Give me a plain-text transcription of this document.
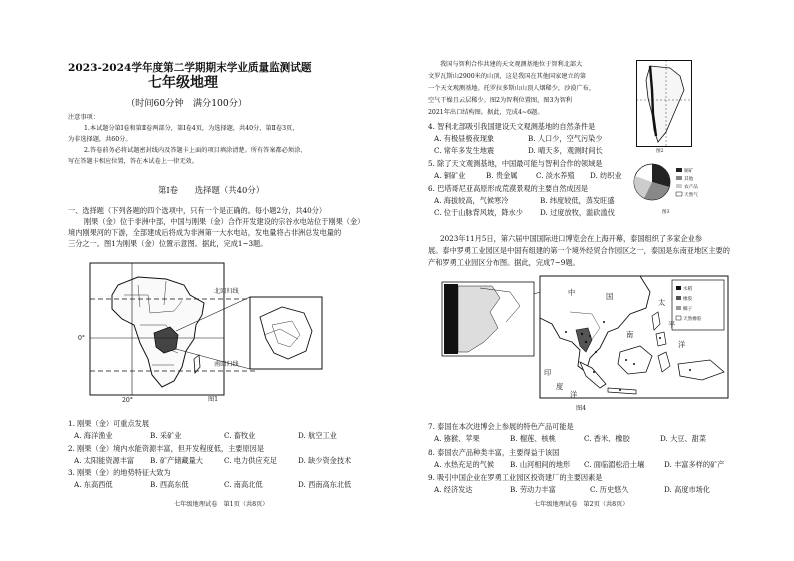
2023-2024学年度第二学期期末学业质量监测试题
七年级地理
（时间60分钟　满分100分）
注意事项：
1.本试题分第Ⅰ卷和第Ⅱ卷两部分，第Ⅰ卷4页，为选择题，共40分，第Ⅱ卷3页，
为非选择题，共60分。
2.答卷前务必将试题密封线内及答题卡上面的项目填涂清楚。所有答案都必须涂、
写在答题卡相应位置，答在本试卷上一律无效。
第Ⅰ卷　　选择题（共40分）
一、选择题（下列各题的四个选项中，只有一个是正确的。每小题2分，共40分）
刚果（金）位于非洲中部，中国与刚果（金）合作开发建设的宗谷水电站位于刚果（金）
境内刚果河的下游，全部建成后将成为非洲第一大水电站，发电量将占非洲总发电量的
三分之一。图1为刚果（金）位置示意图。据此，完成1~3题。
北回归线
南回归线
0°
20°	图1
1. 刚果（金）可重点发展
A. 海洋渔业	B. 采矿业	C. 畜牧业	D. 航空工业
2. 刚果（金）境内水能资源丰富，但开发程度低，主要原因是
A. 太阳能资源丰富 B. 矿产储藏量大	C. 电力供应充足	D. 缺少资金技术
3. 刚果（金）的地势特征大致为
A. 东高西低	B. 西高东低	C. 南高北低	D. 西南高东北低
七年级地理试卷　第1页（共8页）
我国与智利合作共建的天文观测基地位于智利北部大
文罗瓦斯山2900米的山顶，这是我国在其他国家建立的第
一个天文观测基地。托罗拉多斯山山顶人烟稀少，沙漠广布，
空气干燥且云层稀少。图2为智利位置图，图3为智利
2021年出口结构图。据此，完成4~6题。
4. 智利北部吸引我国建设天文观测基地的自然条件是
A. 有极昼极夜现象	B. 人口少，空气污染少
C. 常年多发生地震	D. 晴天多，观测时间长
5. 除了天文观测基地，中国最可能与智利合作的领域是
A. 铜矿业	B. 贵金属	C. 淡水养殖 D. 纺织业
6. 巴塔哥尼亚高原形成荒漠景观的主要自然成因是
A. 海拔较高，气候寒冷	B. 纬度较低，蒸发旺盛
C. 位于山脉背风坡，降水少 D. 过度放牧，滥砍滥伐
图2
铜矿
其他
农产品
天然气
图3
2023年11月5日，第六届中国国际进口博览会在上海开幕，泰国组织了多家企业参
展。泰中罗勇工业园区是中国有组建的第一个境外经贸合作园区之一，泰国是东南亚地区主要的
产和罗勇工业园区分布图。据此，完成7~9题。
中	国
太
平
洋
南
印
度
洋
水稻
橡胶
椰子
天然橡胶
图4
7. 泰国在本次进博会上参展的特色产品可能是
A. 猕猴、苹果	B. 榴莲、核桃	C. 香米、橡胶	D. 大豆、甜菜
8. 泰国农产品种类丰富，主要得益于该国
A. 水热充足的气候 B. 山河相间的地形 C. 面临湄松沿土壤	D. 丰富多样的矿产
9. 吸引中国企业在罗勇工业园区投资建厂的主要因素是
A. 经济发达	B. 劳动力丰富	C. 历史悠久	D. 高度市场化
七年级地理试卷　第2页（共8页）
